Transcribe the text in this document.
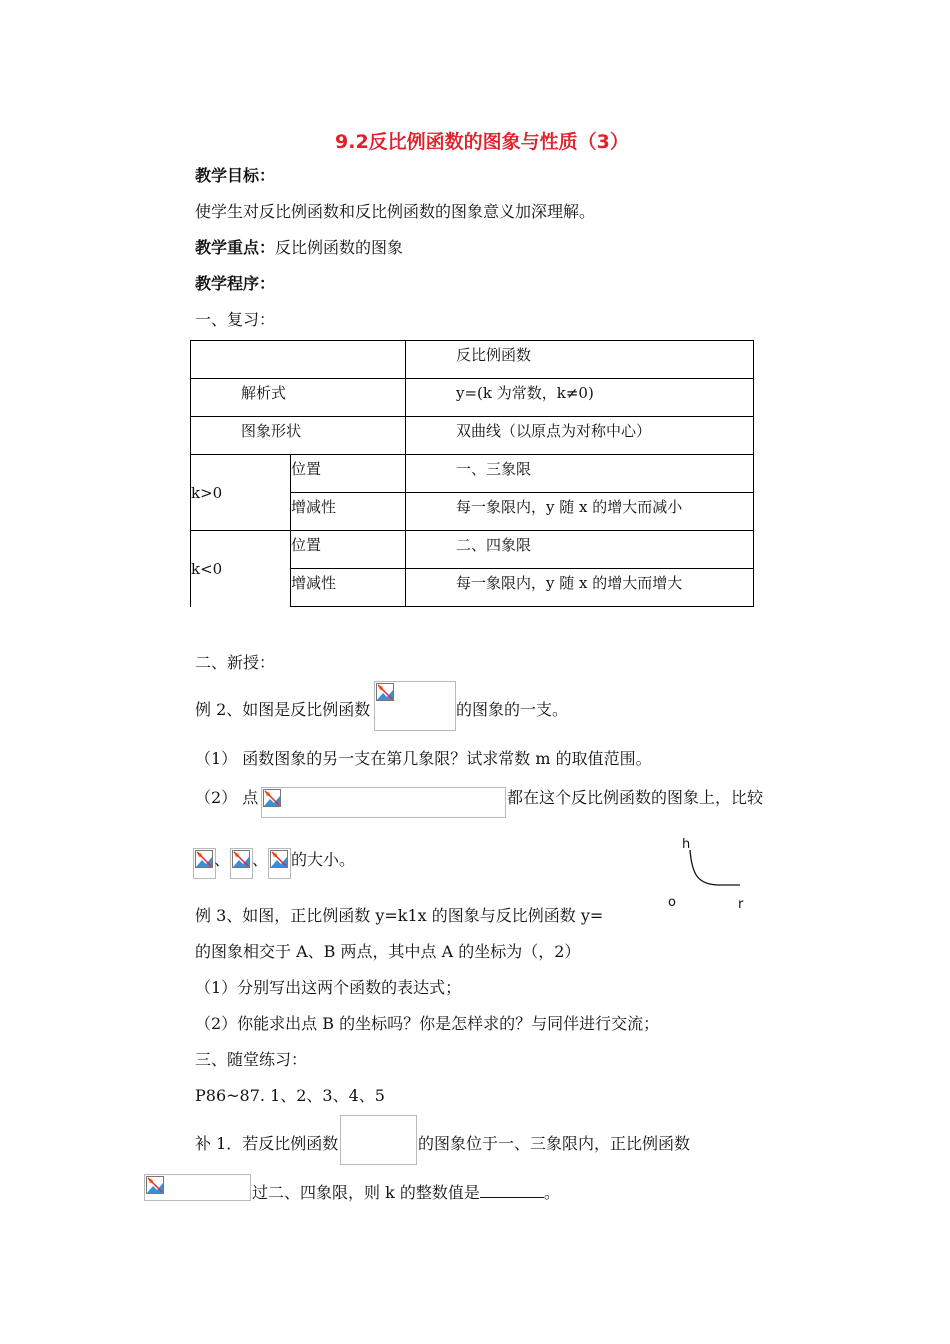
9.2反比例函数的图象与性质（3）
教学目标：
使学生对反比例函数和反比例函数的图象意义加深理解。
教学重点：反比例函数的图象
教学程序：
一、复习：

		反比例函数

解析式		y=(k 为常数，k≠0)

图象形状		双曲线（以原点为对称中心）

k>0	位置	一、三象限

	增减性	每一象限内，y 随 x 的增大而减小

k<0	位置	二、四象限

	增减性	每一象限内，y 随 x 的增大而增大
二、新授：
例 2、如图是反比例函数	的图象的一支。
（1） 函数图象的另一支在第几象限？试求常数 m 的取值范围。
（2） 点	都在这个反比例函数的图象上，比较
、 、 的大小。
h
o	r
例 3、如图，正比例函数 y=k1x 的图象与反比例函数 y=
的图象相交于 A、B 两点，其中点 A 的坐标为（，2）
（1）分别写出这两个函数的表达式；
（2）你能求出点 B 的坐标吗？你是怎样求的？与同伴进行交流；
三、随堂练习：
P86~87. 1、2、3、4、5
补 1．若反比例函数	的图象位于一、三象限内，正比例函数
过二、四象限，则 k 的整数值是	。
